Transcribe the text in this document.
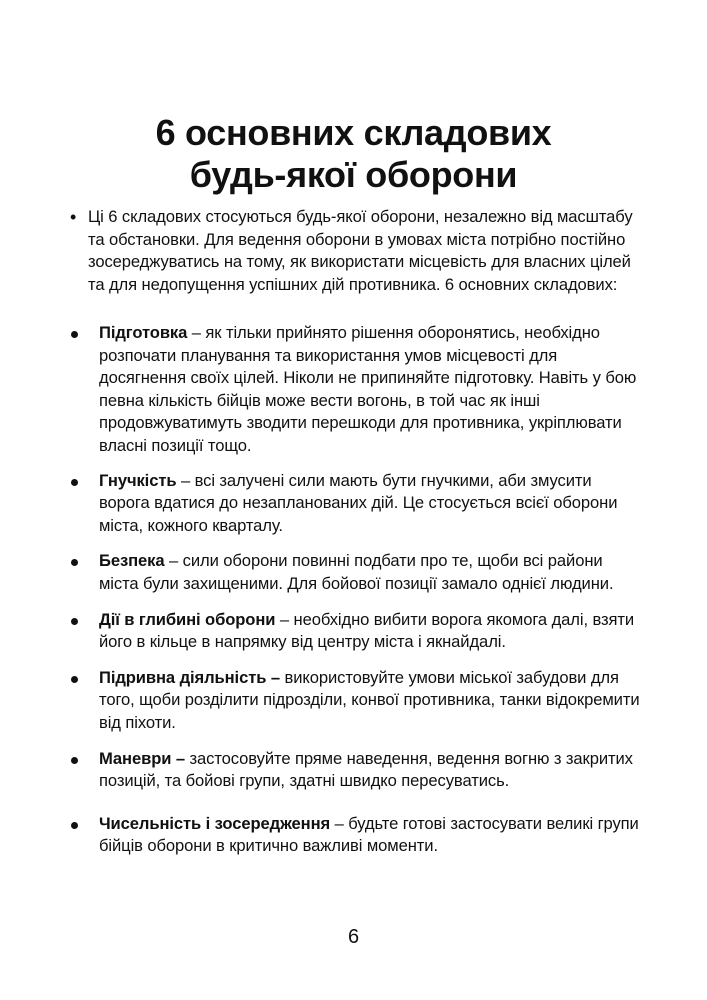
6 основних складових
будь-якої оборони
• Ці 6 складових стосуються будь-якої оборони, незалежно від масштабу та обстановки. Для ведення оборони в умовах міста потрібно постійно зосереджуватись на тому, як використати місцевість для власних цілей та для недопущення успішних дій противника. 6 основних складових:
Підготовка – як тільки прийнято рішення оборонятись, необхідно розпочати планування та використання умов місцевості для досягнення своїх цілей. Ніколи не припиняйте підготовку. Навіть у бою певна кількість бійців може вести вогонь, в той час як інші продовжуватимуть зводити перешкоди для противника, укріплювати власні позиції тощо.
Гнучкість – всі залучені сили мають бути гнучкими, аби змусити ворога вдатися до незапланованих дій. Це стосується всієї оборони міста, кожного кварталу.
Безпека – сили оборони повинні подбати про те, щоби всі райони міста були захищеними. Для бойової позиції замало однієї людини.
Дії в глибині оборони – необхідно вибити ворога якомога далі, взяти його в кільце в напрямку від центру міста і якнайдалі.
Підривна діяльність – використовуйте умови міської забудови для того, щоби розділити підрозділи, конвої противника, танки відокремити від піхоти.
Маневри – застосовуйте пряме наведення, ведення вогню з закритих позицій, та бойові групи, здатні швидко пересуватись.
Чисельність і зосередження – будьте готові застосувати великі групи бійців оборони в критично важливі моменти.
6
